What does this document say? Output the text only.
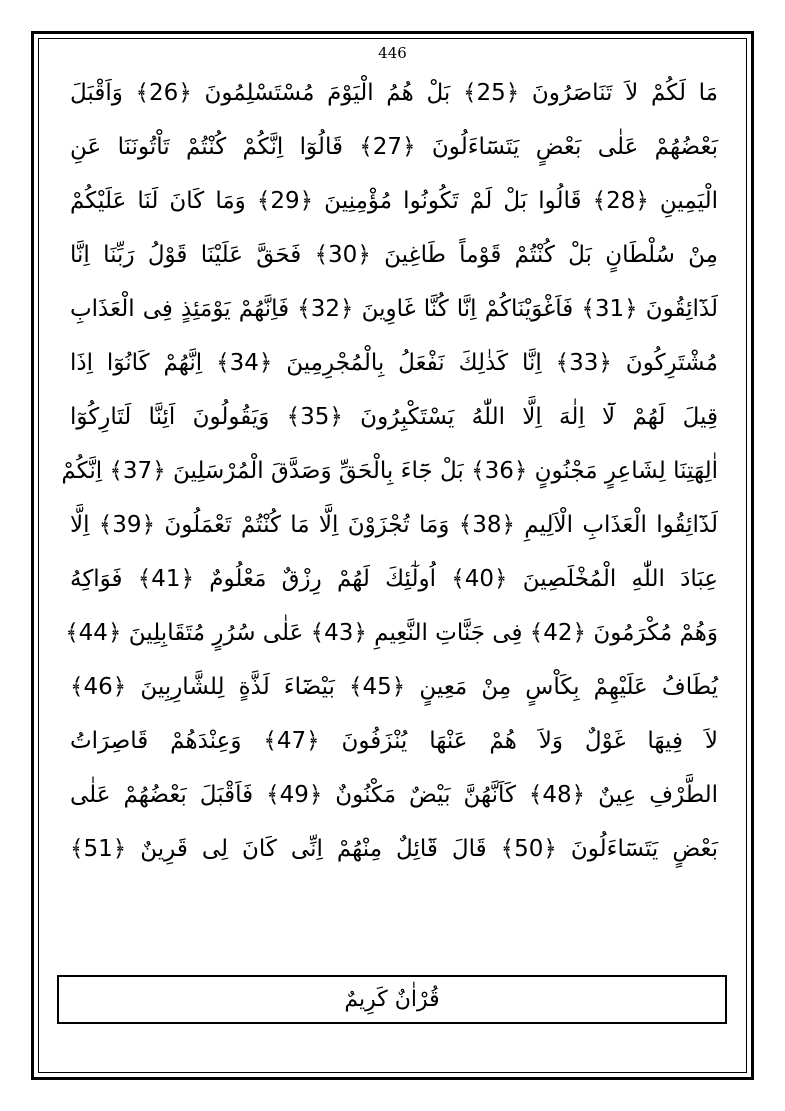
446
مَا لَكُمْ لاَ تَنَاصَرُونَ ﴿25﴾ بَلْ هُمُ الْيَوْمَ مُسْتَسْلِمُونَ ﴿26﴾ وَاَقْبَلَ
بَعْضُهُمْ عَلٰى بَعْضٍ يَتَسَٓاءَلُونَ ﴿27﴾ قَالُوٓا اِنَّكُمْ كُنْتُمْ تَاْتُونَنَا عَنِ
الْيَمِينِ ﴿28﴾ قَالُوا بَلْ لَمْ تَكُونُوا مُؤْمِنِينَ ﴿29﴾ وَمَا كَانَ لَنَا عَلَيْكُمْ
مِنْ سُلْطَانٍ بَلْ كُنْتُمْ قَوْماً طَاغِينَ ﴿30﴾ فَحَقَّ عَلَيْنَا قَوْلُ رَبِّنَا اِنَّا
لَذَٓائِقُونَ ﴿31﴾ فَاَغْوَيْنَاكُمْ اِنَّا كُنَّا غَاوِينَ ﴿32﴾ فَاِنَّهُمْ يَوْمَئِذٍ فِى الْعَذَابِ
مُشْتَرِكُونَ ﴿33﴾ اِنَّا كَذٰلِكَ نَفْعَلُ بِالْمُجْرِمِينَ ﴿34﴾ اِنَّهُمْ كَانُوٓا اِذَا
قِيلَ لَهُمْ لَٓا اِلٰهَ اِلَّا اللّٰهُ يَسْتَكْبِرُونَ ﴿35﴾ وَيَقُولُونَ اَئِنَّا لَتَارِكُوٓا
اٰلِهَتِنَا لِشَاعِرٍ مَجْنُونٍ ﴿36﴾ بَلْ جَٓاءَ بِالْحَقِّ وَصَدَّقَ الْمُرْسَلِينَ ﴿37﴾ اِنَّكُمْ
لَذَٓائِقُوا الْعَذَابِ الْاَلِيمِ ﴿38﴾ وَمَا تُجْزَوْنَ اِلَّا مَا كُنْتُمْ تَعْمَلُونَ ﴿39﴾ اِلَّا
عِبَادَ اللّٰهِ الْمُخْلَصِينَ ﴿40﴾ اُولٰٓئِكَ لَهُمْ رِزْقٌ مَعْلُومٌ ﴿41﴾ فَوَاكِهُ
وَهُمْ مُكْرَمُونَ ﴿42﴾ فِى جَنَّاتِ النَّعِيمِ ﴿43﴾ عَلٰى سُرُرٍ مُتَقَابِلِينَ ﴿44﴾
يُطَافُ عَلَيْهِمْ بِكَاْسٍ مِنْ مَعِينٍ ﴿45﴾ بَيْضَٓاءَ لَذَّةٍ لِلشَّارِبِينَ ﴿46﴾
لاَ فِيهَا غَوْلٌ وَلاَ هُمْ عَنْهَا يُنْزَفُونَ ﴿47﴾ وَعِنْدَهُمْ قَاصِرَاتُ
الطَّرْفِ عِينٌ ﴿48﴾ كَاَنَّهُنَّ بَيْضٌ مَكْنُونٌ ﴿49﴾ فَاَقْبَلَ بَعْضُهُمْ عَلٰى
بَعْضٍ يَتَسَٓاءَلُونَ ﴿50﴾ قَالَ قَٓائِلٌ مِنْهُمْ اِنِّى كَانَ لِى قَرِينٌ ﴿51﴾
قُرْاٰنٌ كَرِيمٌ
